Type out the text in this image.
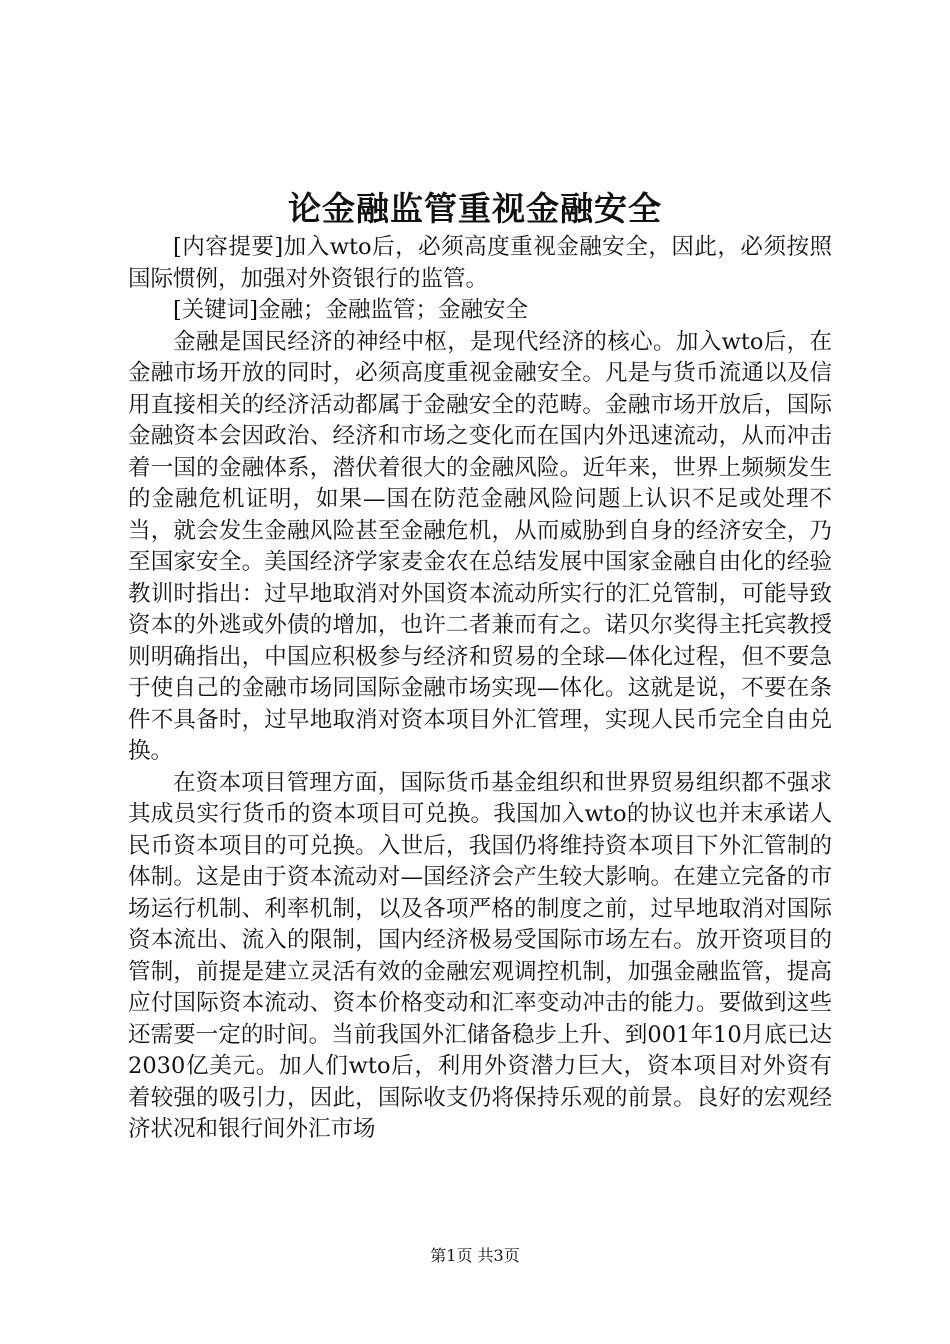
论金融监管重视金融安全

[内容提要]加入wto后，必须高度重视金融安全，因此，必须按照国际惯例，加强对外资银行的监管。

[关键词]金融；金融监管；金融安全

金融是国民经济的神经中枢，是现代经济的核心。加入wto后，在金融市场开放的同时，必须高度重视金融安全。凡是与货币流通以及信用直接相关的经济活动都属于金融安全的范畴。金融市场开放后，国际金融资本会因政治、经济和市场之变化而在国内外迅速流动，从而冲击着一国的金融体系，潜伏着很大的金融风险。近年来，世界上频频发生的金融危机证明，如果—国在防范金融风险问题上认识不足或处理不当，就会发生金融风险甚至金融危机，从而威胁到自身的经济安全，乃至国家安全。美国经济学家麦金农在总结发展中国家金融自由化的经验教训时指出：过早地取消对外国资本流动所实行的汇兑管制，可能导致资本的外逃或外债的增加，也许二者兼而有之。诺贝尔奖得主托宾教授则明确指出，中国应积极参与经济和贸易的全球—体化过程，但不要急于使自己的金融市场同国际金融市场实现—体化。这就是说，不要在条件不具备时，过早地取消对资本项目外汇管理，实现人民币完全自由兑换。

在资本项目管理方面，国际货币基金组织和世界贸易组织都不强求其成员实行货币的资本项目可兑换。我国加入wto的协议也并末承诺人民币资本项目的可兑换。入世后，我国仍将维持资本项目下外汇管制的体制。这是由于资本流动对—国经济会产生较大影响。在建立完备的市场运行机制、利率机制，以及各项严格的制度之前，过早地取消对国际资本流出、流入的限制，国内经济极易受国际市场左右。放开资项目的管制，前提是建立灵活有效的金融宏观调控机制，加强金融监管，提高应付国际资本流动、资本价格变动和汇率变动冲击的能力。要做到这些还需要一定的时间。当前我国外汇储备稳步上升、到001年10月底已达2030亿美元。加人们wto后，利用外资潜力巨大，资本项目对外资有着较强的吸引力，因此，国际收支仍将保持乐观的前景。良好的宏观经济状况和银行间外汇市场

第1页 共3页
